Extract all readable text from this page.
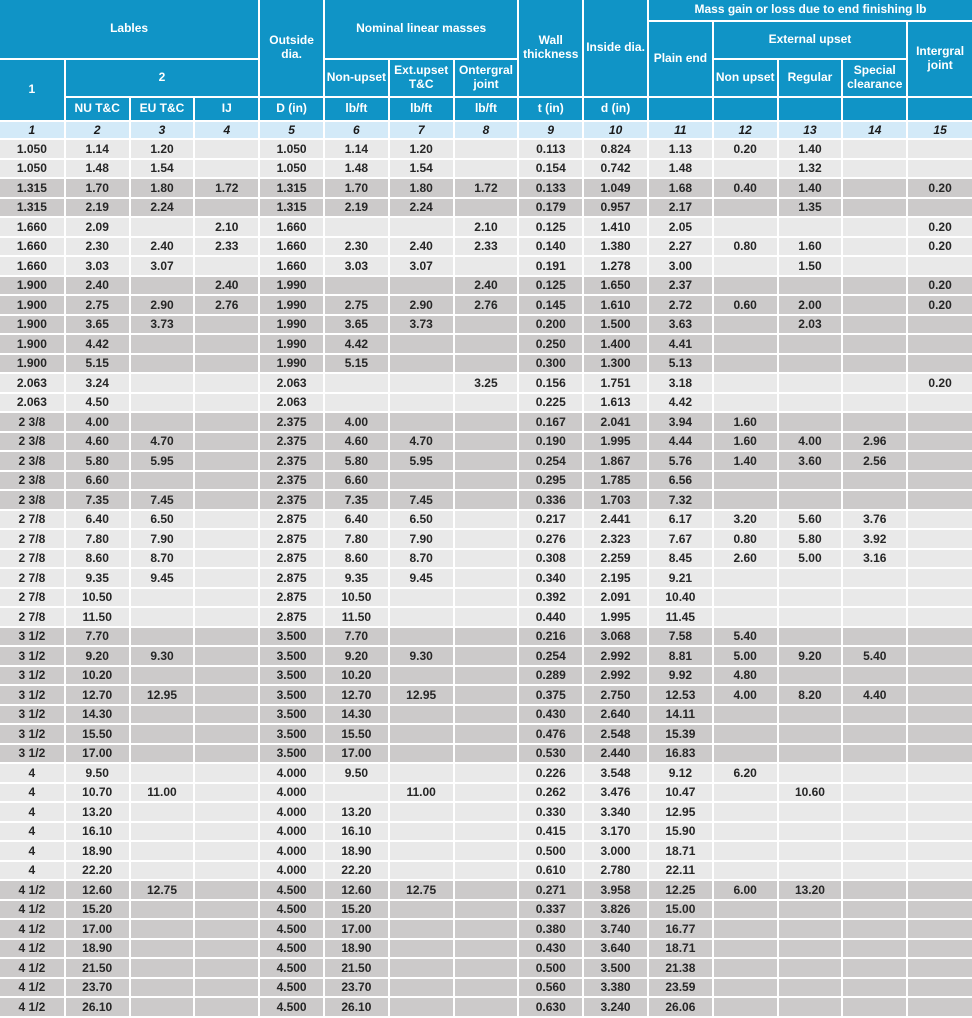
Lables				Outside dia.	Nominal linear masses			Wall thickness	Inside dia.	Mass gain or loss due to end finishing lb				
										Plain end	External upset			Intergral joint
1	2				Non-upset	Ext.upset T&C	Ontergral joint				Non upset	Regular	Special clearance	
	NU T&C	EU T&C	IJ	D (in)	lb/ft	lb/ft	lb/ft	t (in)	d (in)					
1	2	3	4	5	6	7	8	9	10	11	12	13	14	15
1.050	1.14	1.20		1.050	1.14	1.20		0.113	0.824	1.13	0.20	1.40		
1.050	1.48	1.54		1.050	1.48	1.54		0.154	0.742	1.48		1.32		
1.315	1.70	1.80	1.72	1.315	1.70	1.80	1.72	0.133	1.049	1.68	0.40	1.40		0.20
1.315	2.19	2.24		1.315	2.19	2.24		0.179	0.957	2.17		1.35		
1.660	2.09		2.10	1.660			2.10	0.125	1.410	2.05				0.20
1.660	2.30	2.40	2.33	1.660	2.30	2.40	2.33	0.140	1.380	2.27	0.80	1.60		0.20
1.660	3.03	3.07		1.660	3.03	3.07		0.191	1.278	3.00		1.50		
1.900	2.40		2.40	1.990			2.40	0.125	1.650	2.37				0.20
1.900	2.75	2.90	2.76	1.990	2.75	2.90	2.76	0.145	1.610	2.72	0.60	2.00		0.20
1.900	3.65	3.73		1.990	3.65	3.73		0.200	1.500	3.63		2.03		
1.900	4.42			1.990	4.42			0.250	1.400	4.41				
1.900	5.15			1.990	5.15			0.300	1.300	5.13				
2.063	3.24			2.063			3.25	0.156	1.751	3.18				0.20
2.063	4.50			2.063				0.225	1.613	4.42				
2 3/8	4.00			2.375	4.00			0.167	2.041	3.94	1.60			
2 3/8	4.60	4.70		2.375	4.60	4.70		0.190	1.995	4.44	1.60	4.00	2.96	
2 3/8	5.80	5.95		2.375	5.80	5.95		0.254	1.867	5.76	1.40	3.60	2.56	
2 3/8	6.60			2.375	6.60			0.295	1.785	6.56				
2 3/8	7.35	7.45		2.375	7.35	7.45		0.336	1.703	7.32				
2 7/8	6.40	6.50		2.875	6.40	6.50		0.217	2.441	6.17	3.20	5.60	3.76	
2 7/8	7.80	7.90		2.875	7.80	7.90		0.276	2.323	7.67	0.80	5.80	3.92	
2 7/8	8.60	8.70		2.875	8.60	8.70		0.308	2.259	8.45	2.60	5.00	3.16	
2 7/8	9.35	9.45		2.875	9.35	9.45		0.340	2.195	9.21				
2 7/8	10.50			2.875	10.50			0.392	2.091	10.40				
2 7/8	11.50			2.875	11.50			0.440	1.995	11.45				
3 1/2	7.70			3.500	7.70			0.216	3.068	7.58	5.40			
3 1/2	9.20	9.30		3.500	9.20	9.30		0.254	2.992	8.81	5.00	9.20	5.40	
3 1/2	10.20			3.500	10.20			0.289	2.992	9.92	4.80			
3 1/2	12.70	12.95		3.500	12.70	12.95		0.375	2.750	12.53	4.00	8.20	4.40	
3 1/2	14.30			3.500	14.30			0.430	2.640	14.11				
3 1/2	15.50			3.500	15.50			0.476	2.548	15.39				
3 1/2	17.00			3.500	17.00			0.530	2.440	16.83				
4	9.50			4.000	9.50			0.226	3.548	9.12	6.20			
4	10.70	11.00		4.000		11.00		0.262	3.476	10.47		10.60		
4	13.20			4.000	13.20			0.330	3.340	12.95				
4	16.10			4.000	16.10			0.415	3.170	15.90				
4	18.90			4.000	18.90			0.500	3.000	18.71				
4	22.20			4.000	22.20			0.610	2.780	22.11				
4 1/2	12.60	12.75		4.500	12.60	12.75		0.271	3.958	12.25	6.00	13.20		
4 1/2	15.20			4.500	15.20			0.337	3.826	15.00				
4 1/2	17.00			4.500	17.00			0.380	3.740	16.77				
4 1/2	18.90			4.500	18.90			0.430	3.640	18.71				
4 1/2	21.50			4.500	21.50			0.500	3.500	21.38				
4 1/2	23.70			4.500	23.70			0.560	3.380	23.59				
4 1/2	26.10			4.500	26.10			0.630	3.240	26.06				
